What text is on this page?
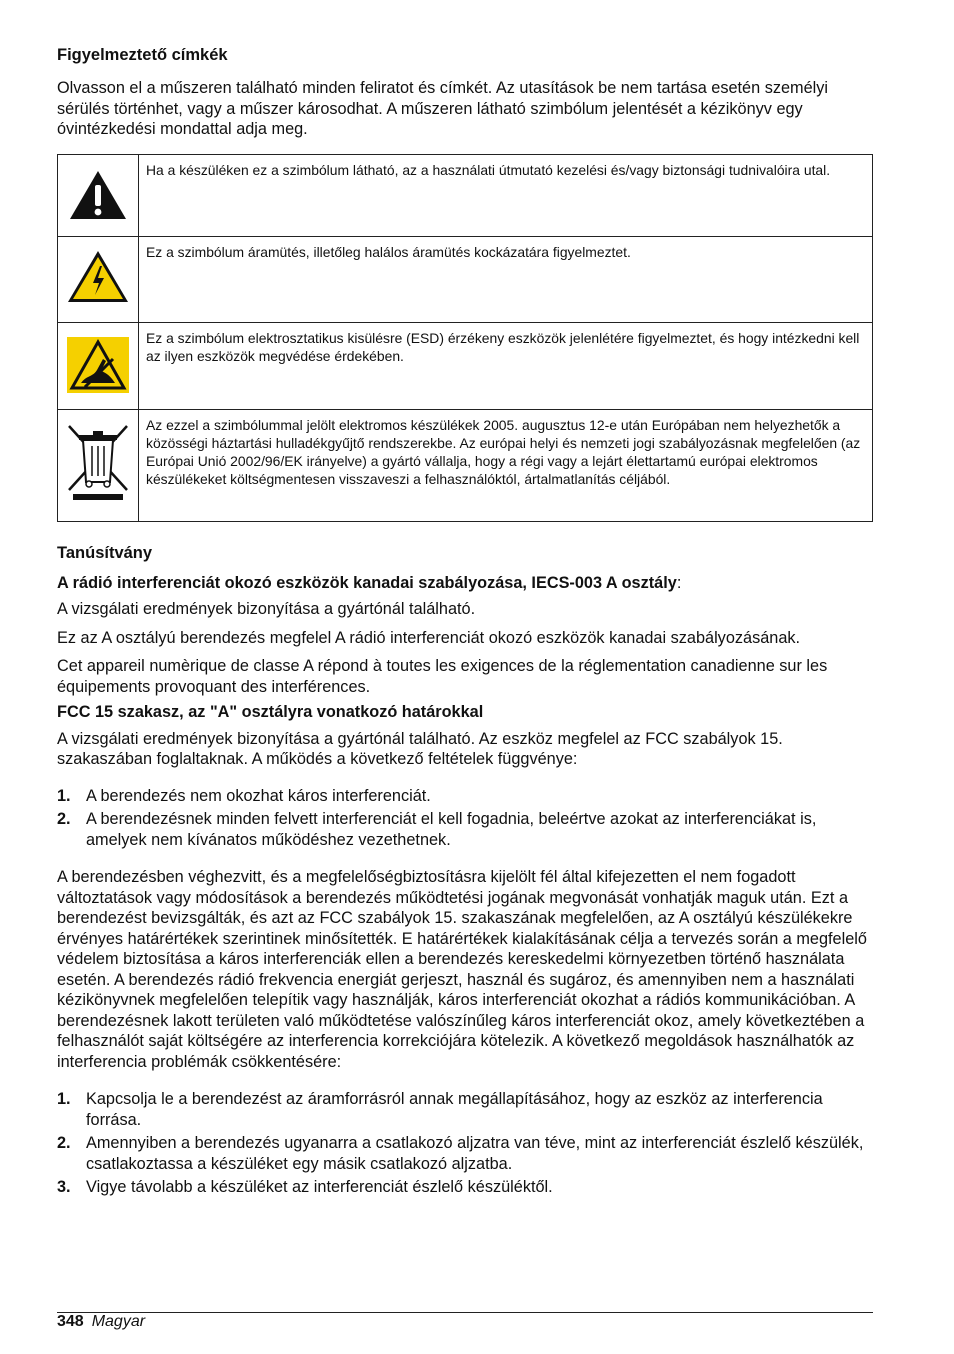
Figyelmeztető címkék

Olvasson el a műszeren található minden feliratot és címkét. Az utasítások be nem tartása esetén személyi sérülés történhet, vagy a műszer károsodhat. A műszeren látható szimbólum jelentését a kézikönyv egy óvintézkedési mondattal adja meg.

	Ha a készüléken ez a szimbólum látható, az a használati útmutató kezelési és/vagy biztonsági tudnivalóira utal.

	Ez a szimbólum áramütés, illetőleg halálos áramütés kockázatára figyelmeztet.

	Ez a szimbólum elektrosztatikus kisülésre (ESD) érzékeny eszközök jelenlétére figyelmeztet, és hogy intézkedni kell az ilyen eszközök megvédése érdekében.

	Az ezzel a szimbólummal jelölt elektromos készülékek 2005. augusztus 12-e után Európában nem helyezhetők a közösségi háztartási hulladékgyűjtő rendszerekbe. Az európai helyi és nemzeti jogi szabályozásnak megfelelően (az Európai Unió 2002/96/EK irányelve) a gyártó vállalja, hogy a régi vagy a lejárt élettartamú európai elektromos készülékeket költségmentesen visszaveszi a felhasználóktól, ártalmatlanítás céljából.
Tanúsítvány

A rádió interferenciát okozó eszközök kanadai szabályozása, IECS-003 A osztály:

A vizsgálati eredmények bizonyítása a gyártónál található.

Ez az A osztályú berendezés megfelel A rádió interferenciát okozó eszközök kanadai szabályozásának.

Cet appareil numèrique de classe A répond à toutes les exigences de la réglementation canadienne sur les équipements provoquant des interférences.

FCC 15 szakasz, az "A" osztályra vonatkozó határokkal

A vizsgálati eredmények bizonyítása a gyártónál található. Az eszköz megfelel az FCC szabályok 15. szakaszában foglaltaknak. A működés a következő feltételek függvénye:

1. A berendezés nem okozhat káros interferenciát.
2. A berendezésnek minden felvett interferenciát el kell fogadnia, beleértve azokat az interferenciákat is, amelyek nem kívánatos működéshez vezethetnek.

A berendezésben véghezvitt, és a megfelelőségbiztosításra kijelölt fél által kifejezetten el nem fogadott változtatások vagy módosítások a berendezés működtetési jogának megvonását vonhatják maguk után. Ezt a berendezést bevizsgálták, és azt az FCC szabályok 15. szakaszának megfelelően, az A osztályú készülékekre érvényes határértékek szerintinek minősítették. E határértékek kialakításának célja a tervezés során a megfelelő védelem biztosítása a káros interferenciák ellen a berendezés kereskedelmi környezetben történő használata esetén. A berendezés rádió frekvencia energiát gerjeszt, használ és sugároz, és amennyiben nem a használati kézikönyvnek megfelelően telepítik vagy használják, káros interferenciát okozhat a rádiós kommunikációban. A berendezésnek lakott területen való működtetése valószínűleg káros interferenciát okoz, amely következtében a felhasználót saját költségére az interferencia korrekciójára kötelezik. A következő megoldások használhatók az interferencia problémák csökkentésére:

1. Kapcsolja le a berendezést az áramforrásról annak megállapításához, hogy az eszköz az interferencia forrása.
2. Amennyiben a berendezés ugyanarra a csatlakozó aljzatra van téve, mint az interferenciát észlelő készülék, csatlakoztassa a készüléket egy másik csatlakozó aljzatba.
3. Vigye távolabb a készüléket az interferenciát észlelő készüléktől.
348 Magyar
